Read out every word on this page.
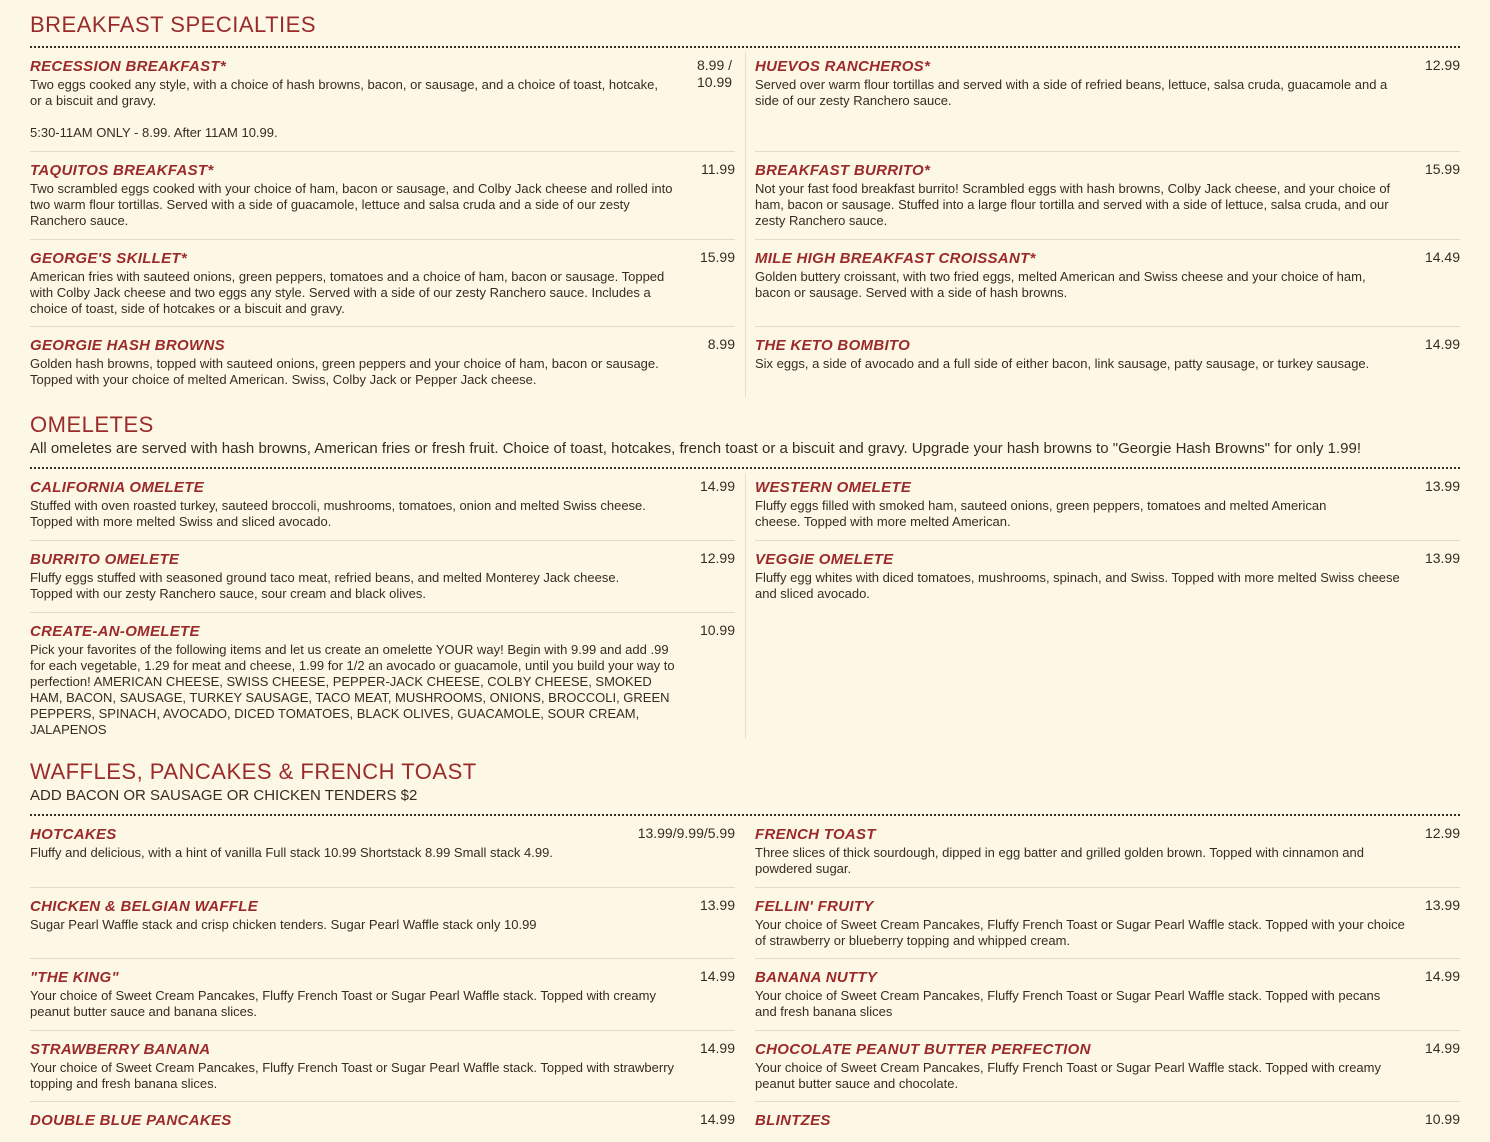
BREAKFAST SPECIALTIES
RECESSION BREAKFAST*	8.99 / 10.99
Two eggs cooked any style, with a choice of hash browns, bacon, or sausage, and a choice of toast, hotcake, or a biscuit and gravy.
5:30-11AM ONLY - 8.99. After 11AM 10.99.
TAQUITOS BREAKFAST*	11.99
Two scrambled eggs cooked with your choice of ham, bacon or sausage, and Colby Jack cheese and rolled into two warm flour tortillas. Served with a side of guacamole, lettuce and salsa cruda and a side of our zesty Ranchero sauce.
GEORGE'S SKILLET*	15.99
American fries with sauteed onions, green peppers, tomatoes and a choice of ham, bacon or sausage. Topped with Colby Jack cheese and two eggs any style. Served with a side of our zesty Ranchero sauce. Includes a choice of toast, side of hotcakes or a biscuit and gravy.
GEORGIE HASH BROWNS	8.99
Golden hash browns, topped with sauteed onions, green peppers and your choice of ham, bacon or sausage. Topped with your choice of melted American. Swiss, Colby Jack or Pepper Jack cheese.
HUEVOS RANCHEROS*	12.99
Served over warm flour tortillas and served with a side of refried beans, lettuce, salsa cruda, guacamole and a side of our zesty Ranchero sauce.
BREAKFAST BURRITO*	15.99
Not your fast food breakfast burrito! Scrambled eggs with hash browns, Colby Jack cheese, and your choice of ham, bacon or sausage. Stuffed into a large flour tortilla and served with a side of lettuce, salsa cruda, and our zesty Ranchero sauce.
MILE HIGH BREAKFAST CROISSANT*	14.49
Golden buttery croissant, with two fried eggs, melted American and Swiss cheese and your choice of ham, bacon or sausage. Served with a side of hash browns.
THE KETO BOMBITO	14.99
Six eggs, a side of avocado and a full side of either bacon, link sausage, patty sausage, or turkey sausage.
OMELETES
All omeletes are served with hash browns, American fries or fresh fruit. Choice of toast, hotcakes, french toast or a biscuit and gravy. Upgrade your hash browns to "Georgie Hash Browns" for only 1.99!
CALIFORNIA OMELETE	14.99
Stuffed with oven roasted turkey, sauteed broccoli, mushrooms, tomatoes, onion and melted Swiss cheese. Topped with more melted Swiss and sliced avocado.
BURRITO OMELETE	12.99
Fluffy eggs stuffed with seasoned ground taco meat, refried beans, and melted Monterey Jack cheese. Topped with our zesty Ranchero sauce, sour cream and black olives.
CREATE-AN-OMELETE	10.99
Pick your favorites of the following items and let us create an omelette YOUR way! Begin with 9.99 and add .99 for each vegetable, 1.29 for meat and cheese, 1.99 for 1/2 an avocado or guacamole, until you build your way to perfection! AMERICAN CHEESE, SWISS CHEESE, PEPPER-JACK CHEESE, COLBY CHEESE, SMOKED HAM, BACON, SAUSAGE, TURKEY SAUSAGE, TACO MEAT, MUSHROOMS, ONIONS, BROCCOLI, GREEN PEPPERS, SPINACH, AVOCADO, DICED TOMATOES, BLACK OLIVES, GUACAMOLE, SOUR CREAM, JALAPENOS
WESTERN OMELETE	13.99
Fluffy eggs filled with smoked ham, sauteed onions, green peppers, tomatoes and melted American cheese. Topped with more melted American.
VEGGIE OMELETE	13.99
Fluffy egg whites with diced tomatoes, mushrooms, spinach, and Swiss. Topped with more melted Swiss cheese and sliced avocado.
WAFFLES, PANCAKES & FRENCH TOAST
ADD BACON OR SAUSAGE OR CHICKEN TENDERS $2
HOTCAKES	13.99/9.99/5.99
Fluffy and delicious, with a hint of vanilla Full stack 10.99 Shortstack 8.99 Small stack 4.99.
CHICKEN & BELGIAN WAFFLE	13.99
Sugar Pearl Waffle stack and crisp chicken tenders. Sugar Pearl Waffle stack only 10.99
"THE KING"	14.99
Your choice of Sweet Cream Pancakes, Fluffy French Toast or Sugar Pearl Waffle stack. Topped with creamy peanut butter sauce and banana slices.
STRAWBERRY BANANA	14.99
Your choice of Sweet Cream Pancakes, Fluffy French Toast or Sugar Pearl Waffle stack. Topped with strawberry topping and fresh banana slices.
DOUBLE BLUE PANCAKES	14.99
FRENCH TOAST	12.99
Three slices of thick sourdough, dipped in egg batter and grilled golden brown. Topped with cinnamon and powdered sugar.
FELLIN' FRUITY	13.99
Your choice of Sweet Cream Pancakes, Fluffy French Toast or Sugar Pearl Waffle stack. Topped with your choice of strawberry or blueberry topping and whipped cream.
BANANA NUTTY	14.99
Your choice of Sweet Cream Pancakes, Fluffy French Toast or Sugar Pearl Waffle stack. Topped with pecans and fresh banana slices
CHOCOLATE PEANUT BUTTER PERFECTION	14.99
Your choice of Sweet Cream Pancakes, Fluffy French Toast or Sugar Pearl Waffle stack. Topped with creamy peanut butter sauce and chocolate.
BLINTZES	10.99
